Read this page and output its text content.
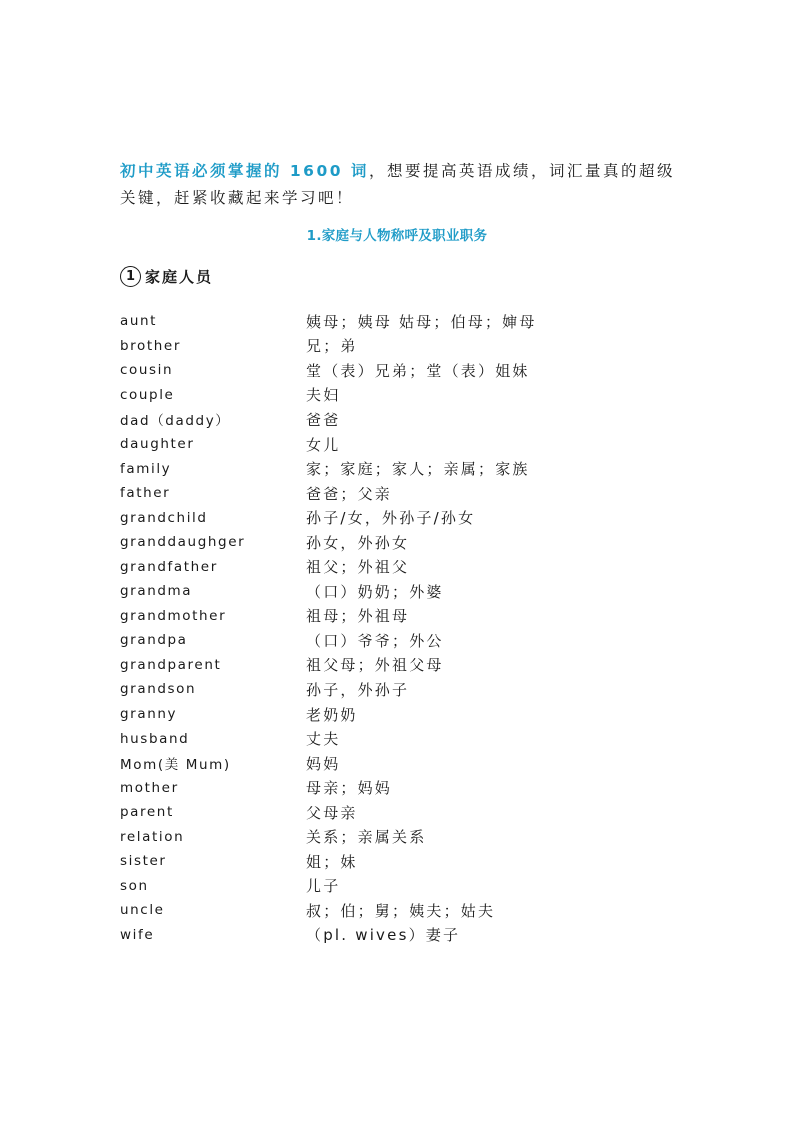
初中英语必须掌握的 1600 词，想要提高英语成绩，词汇量真的超级关键，赶紧收藏起来学习吧！
1.家庭与人物称呼及职业职务
1 家庭人员
aunt	姨母；姨母 姑母；伯母；婶母
brother	兄；弟
cousin	堂（表）兄弟；堂（表）姐妹
couple	夫妇
dad（daddy）	爸爸
daughter	女儿
family	家；家庭；家人；亲属；家族
father	爸爸；父亲
grandchild	孙子/女，外孙子/孙女
granddaughger	孙女，外孙女
grandfather	祖父；外祖父
grandma	（口）奶奶；外婆
grandmother	祖母；外祖母
grandpa	（口）爷爷；外公
grandparent	祖父母；外祖父母
grandson	孙子，外孙子
granny	老奶奶
husband	丈夫
Mom(美 Mum)	妈妈
mother	母亲；妈妈
parent	父母亲
relation	关系；亲属关系
sister	姐；妹
son	儿子
uncle	叔；伯；舅；姨夫；姑夫
wife	（pl. wives）妻子
